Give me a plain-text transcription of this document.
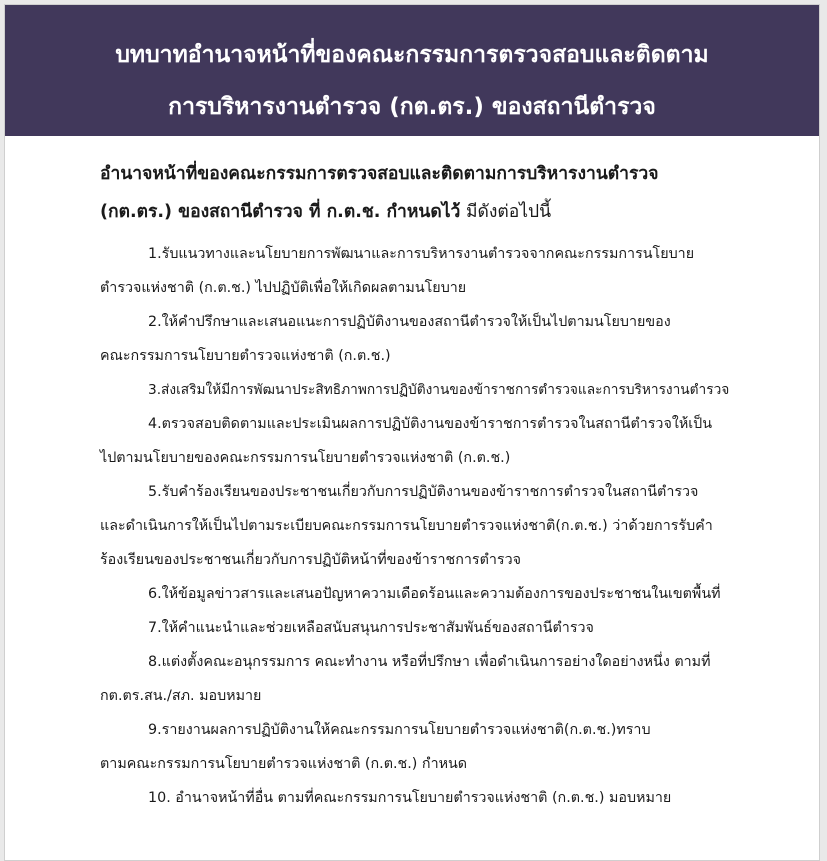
บทบาทอำนาจหน้าที่ของคณะกรรมการตรวจสอบและติดตาม
การบริหารงานตำรวจ (กต.ตร.) ของสถานีตำรวจ

อำนาจหน้าที่ของคณะกรรมการตรวจสอบและติดตามการบริหารงานตำรวจ
(กต.ตร.) ของสถานีตำรวจ ที่ ก.ต.ช. กำหนดไว้ มีดังต่อไปนี้

1.รับแนวทางและนโยบายการพัฒนาและการบริหารงานตำรวจจากคณะกรรมการนโยบาย
ตำรวจแห่งชาติ (ก.ต.ช.) ไปปฏิบัติเพื่อให้เกิดผลตามนโยบาย

2.ให้คำปรึกษาและเสนอแนะการปฏิบัติงานของสถานีตำรวจให้เป็นไปตามนโยบายของ
คณะกรรมการนโยบายตำรวจแห่งชาติ (ก.ต.ช.)

3.ส่งเสริมให้มีการพัฒนาประสิทธิภาพการปฏิบัติงานของข้าราชการตำรวจและการบริหารงานตำรวจ

4.ตรวจสอบติดตามและประเมินผลการปฏิบัติงานของข้าราชการตำรวจในสถานีตำรวจให้เป็น
ไปตามนโยบายของคณะกรรมการนโยบายตำรวจแห่งชาติ (ก.ต.ช.)

5.รับคำร้องเรียนของประชาชนเกี่ยวกับการปฏิบัติงานของข้าราชการตำรวจในสถานีตำรวจ
และดำเนินการให้เป็นไปตามระเบียบคณะกรรมการนโยบายตำรวจแห่งชาติ(ก.ต.ช.) ว่าด้วยการรับคำร้องเรียนของประชาชนเกี่ยวกับการปฏิบัติหน้าที่ของข้าราชการตำรวจ

6.ให้ข้อมูลข่าวสารและเสนอปัญหาความเดือดร้อนและความต้องการของประชาชนในเขตพื้นที่

7.ให้คำแนะนำและช่วยเหลือสนับสนุนการประชาสัมพันธ์ของสถานีตำรวจ

8.แต่งตั้งคณะอนุกรรมการ คณะทำงาน หรือที่ปรึกษา เพื่อดำเนินการอย่างใดอย่างหนึ่ง ตามที่
กต.ตร.สน./สภ. มอบหมาย

9.รายงานผลการปฏิบัติงานให้คณะกรรมการนโยบายตำรวจแห่งชาติ(ก.ต.ช.)ทราบ
ตามคณะกรรมการนโยบายตำรวจแห่งชาติ (ก.ต.ช.) กำหนด

10. อำนาจหน้าที่อื่น ตามที่คณะกรรมการนโยบายตำรวจแห่งชาติ (ก.ต.ช.) มอบหมาย
